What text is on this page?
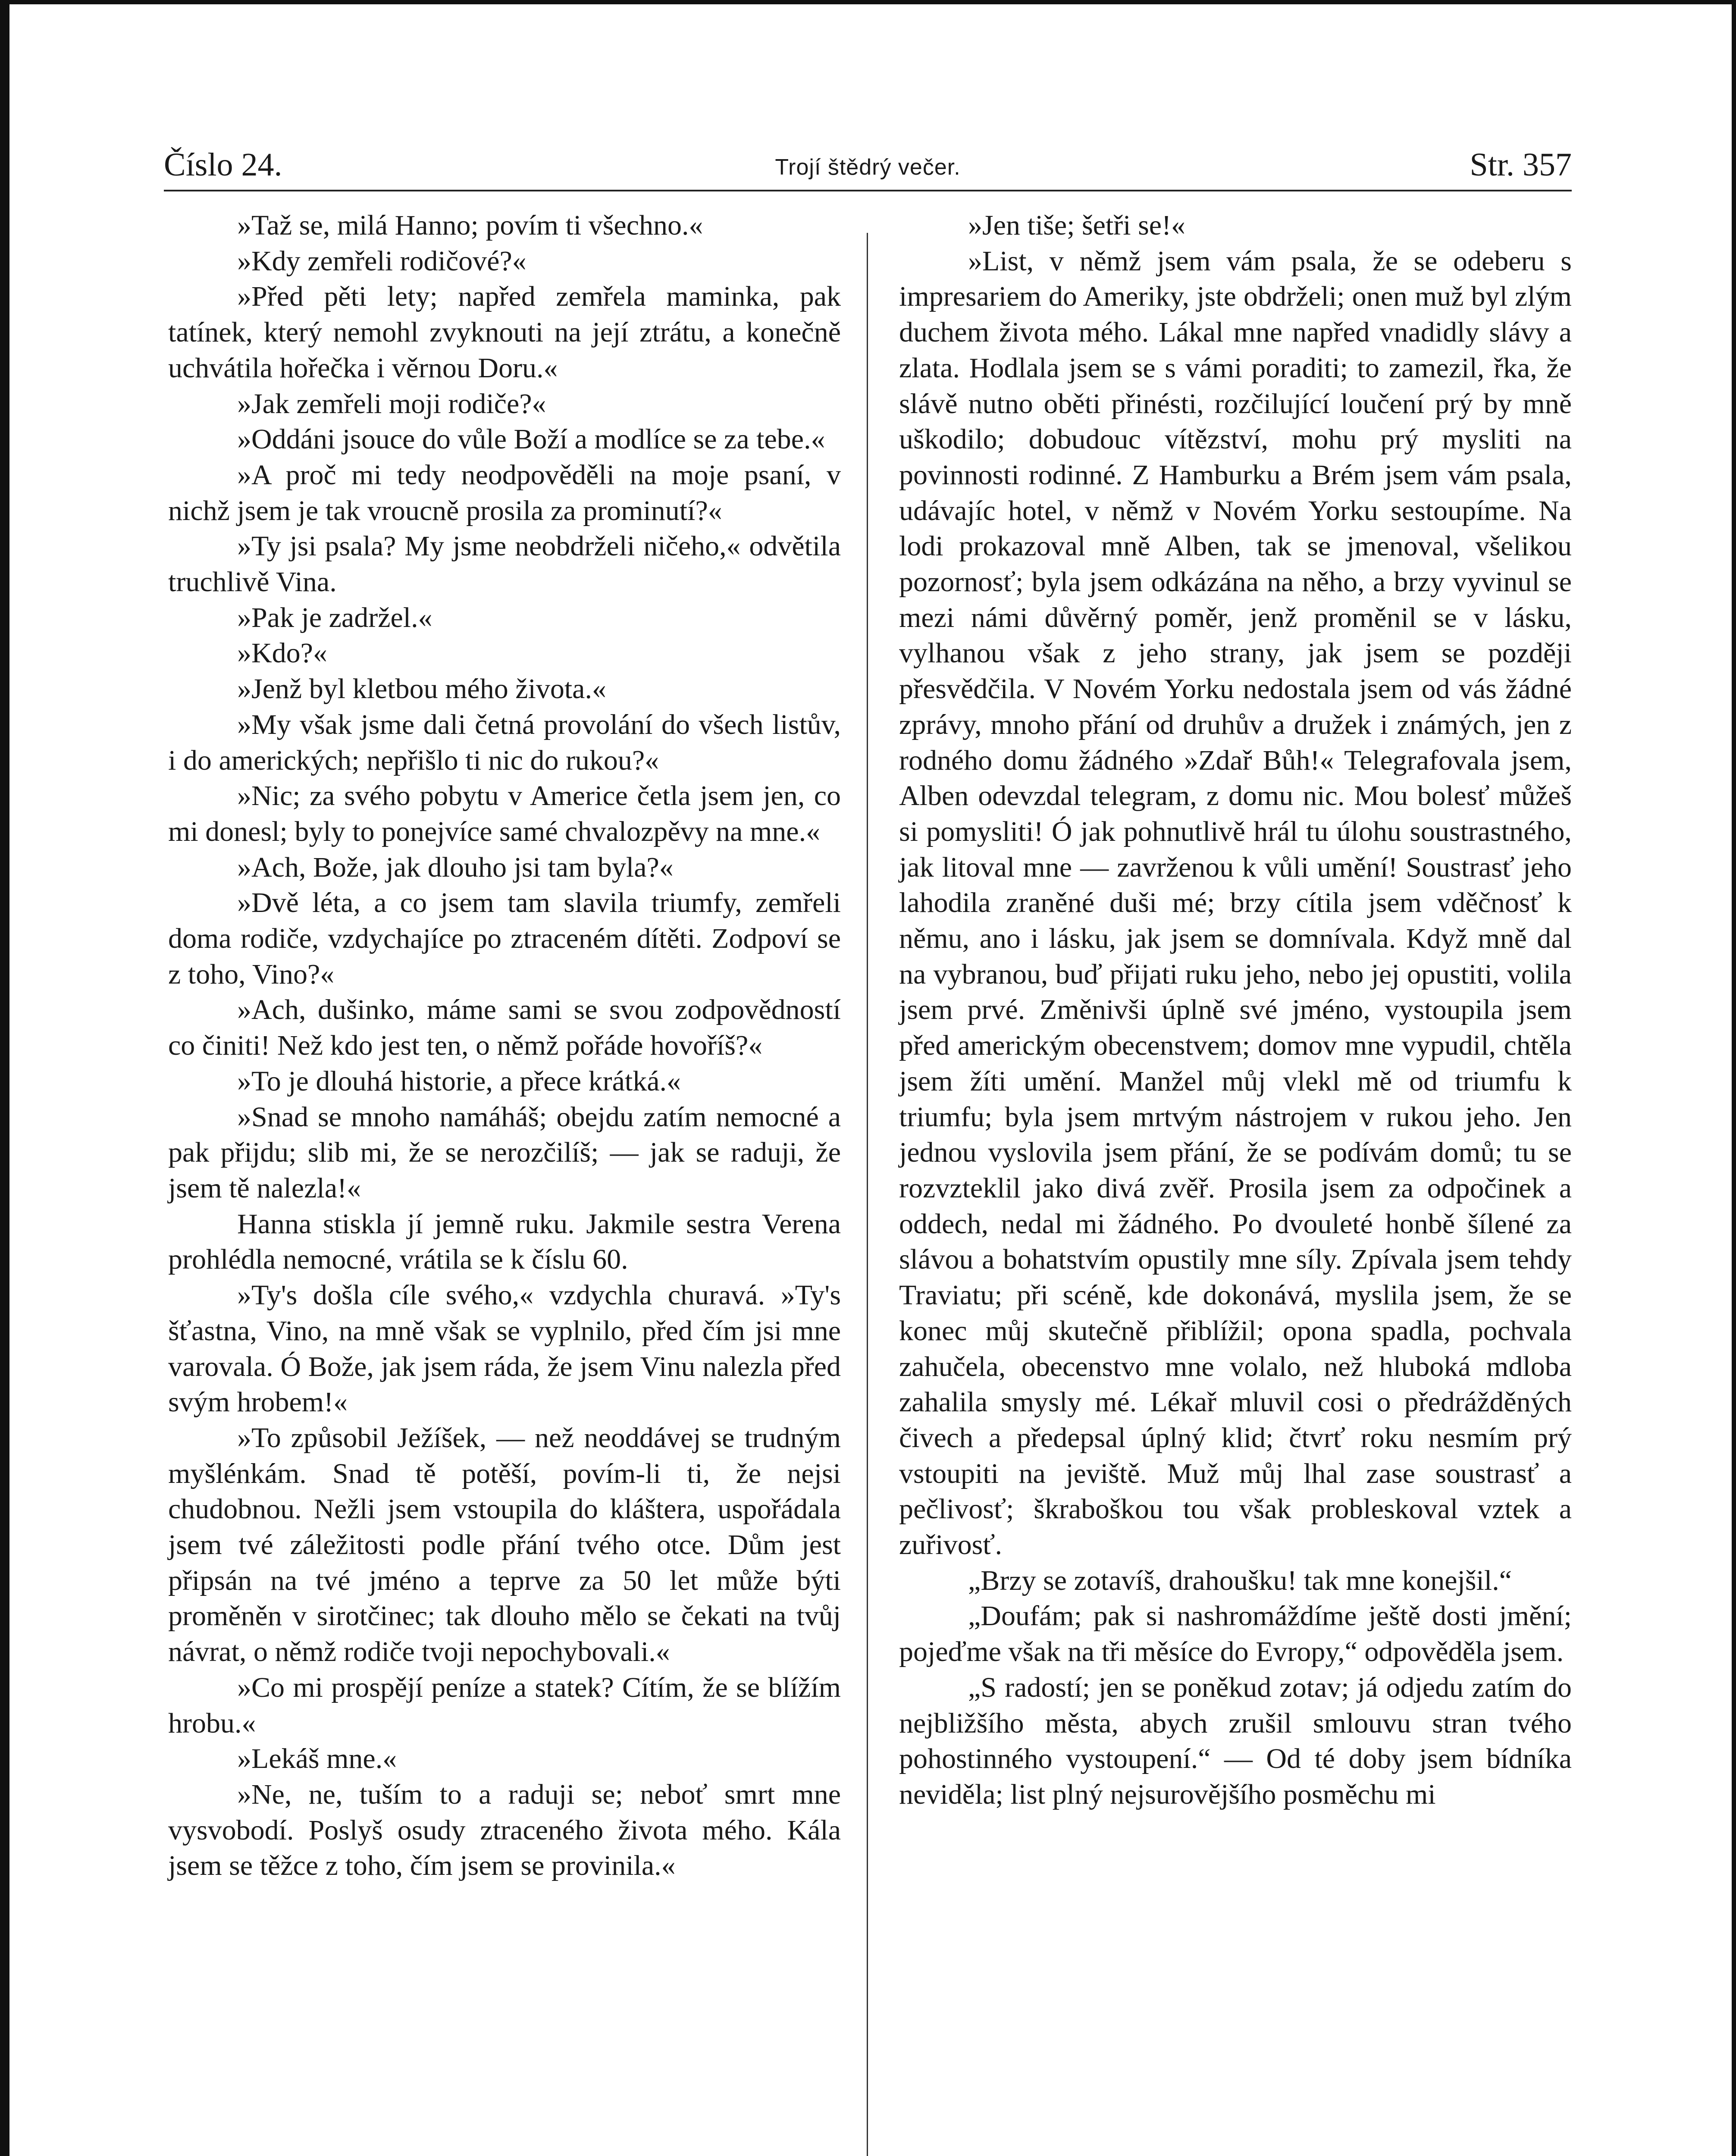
Číslo 24.	Trojí štědrý večer.	Str. 357

»Taž se, milá Hanno; povím ti všechno.«

»Kdy zemřeli rodičové?«

»Před pěti lety; napřed zemřela maminka, pak tatínek, který nemohl zvyknouti na její ztrátu, a konečně uchvátila hořečka i věrnou Doru.«

»Jak zemřeli moji rodiče?«

»Oddáni jsouce do vůle Boží a modlíce se za tebe.«

»A proč mi tedy neodpověděli na moje psaní, v nichž jsem je tak vroucně prosila za prominutí?«

»Ty jsi psala? My jsme neobdrželi ničeho,« odvětila truchlivě Vina.

»Pak je zadržel.«

»Kdo?«

»Jenž byl kletbou mého života.«

»My však jsme dali četná provolání do všech listův, i do amerických; nepřišlo ti nic do rukou?«

»Nic; za svého pobytu v Americe četla jsem jen, co mi donesl; byly to ponejvíce samé chvalozpěvy na mne.«

»Ach, Bože, jak dlouho jsi tam byla?«

»Dvě léta, a co jsem tam slavila triumfy, zemřeli doma rodiče, vzdychajíce po ztraceném dítěti. Zodpoví se z toho, Vino?«

»Ach, dušinko, máme sami se svou zodpovědností co činiti! Než kdo jest ten, o němž pořáde hovoříš?«

»To je dlouhá historie, a přece krátká.«

»Snad se mnoho namáháš; obejdu zatím nemocné a pak přijdu; slib mi, že se nerozčilíš; — jak se raduji, že jsem tě nalezla!«

Hanna stiskla jí jemně ruku. Jakmile sestra Verena prohlédla nemocné, vrátila se k číslu 60.

»Ty's došla cíle svého,« vzdychla churavá. »Ty's šťastna, Vino, na mně však se vyplnilo, před čím jsi mne varovala. Ó Bože, jak jsem ráda, že jsem Vinu nalezla před svým hrobem!«

»To způsobil Ježíšek, — než neoddávej se trudným myšlénkám. Snad tě potěší, povím-li ti, že nejsi chudobnou. Nežli jsem vstoupila do kláštera, uspořádala jsem tvé záležitosti podle přání tvého otce. Dům jest připsán na tvé jméno a teprve za 50 let může býti proměněn v sirotčinec; tak dlouho mělo se čekati na tvůj návrat, o němž rodiče tvoji nepochybovali.«

»Co mi prospějí peníze a statek? Cítím, že se blížím hrobu.«

»Lekáš mne.«

»Ne, ne, tuším to a raduji se; neboť smrt mne vysvobodí. Poslyš osudy ztraceného života mého. Kála jsem se těžce z toho, čím jsem se provinila.«

»Jen tiše; šetři se!«

»List, v němž jsem vám psala, že se odeberu s impresariem do Ameriky, jste obdrželi; onen muž byl zlým duchem života mého. Lákal mne napřed vnadidly slávy a zlata. Hodlala jsem se s vámi poraditi; to zamezil, řka, že slávě nutno oběti přinésti, rozčilující loučení prý by mně uškodilo; dobudouc vítězství, mohu prý mysliti na povinnosti rodinné. Z Hamburku a Brém jsem vám psala, udávajíc hotel, v němž v Novém Yorku sestoupíme. Na lodi prokazoval mně Alben, tak se jmenoval, všelikou pozornosť; byla jsem odkázána na něho, a brzy vyvinul se mezi námi důvěrný poměr, jenž proměnil se v lásku, vylhanou však z jeho strany, jak jsem se později přesvědčila. V Novém Yorku nedostala jsem od vás žádné zprávy, mnoho přání od druhův a družek i známých, jen z rodného domu žádného »Zdař Bůh!« Telegrafovala jsem, Alben odevzdal telegram, z domu nic. Mou bolesť můžeš si pomysliti! Ó jak pohnutlivě hrál tu úlohu soustrastného, jak litoval mne — zavrženou k vůli umění! Soustrasť jeho lahodila zraněné duši mé; brzy cítila jsem vděčnosť k němu, ano i lásku, jak jsem se domnívala. Když mně dal na vybranou, buď přijati ruku jeho, nebo jej opustiti, volila jsem prvé. Změnivši úplně své jméno, vystoupila jsem před americkým obecenstvem; domov mne vypudil, chtěla jsem žíti umění. Manžel můj vlekl mě od triumfu k triumfu; byla jsem mrtvým nástrojem v rukou jeho. Jen jednou vyslovila jsem přání, že se podívám domů; tu se rozvzteklil jako divá zvěř. Prosila jsem za odpočinek a oddech, nedal mi žádného. Po dvouleté honbě šílené za slávou a bohatstvím opustily mne síly. Zpívala jsem tehdy Traviatu; při scéně, kde dokonává, myslila jsem, že se konec můj skutečně přiblížil; opona spadla, pochvala zahučela, obecenstvo mne volalo, než hluboká mdloba zahalila smysly mé. Lékař mluvil cosi o předrážděných čivech a předepsal úplný klid; čtvrť roku nesmím prý vstoupiti na jeviště. Muž můj lhal zase soustrasť a pečlivosť; škraboškou tou však probleskoval vztek a zuřivosť.

„Brzy se zotavíš, drahoušku! tak mne konejšil.“

„Doufám; pak si nashromáždíme ještě dosti jmění; pojeďme však na tři měsíce do Evropy,“ odpověděla jsem.

„S radostí; jen se poněkud zotav; já odjedu zatím do nejbližšího města, abych zrušil smlouvu stran tvého pohostinného vystoupení.“ — Od té doby jsem bídníka neviděla; list plný nejsurovějšího posměchu mi
